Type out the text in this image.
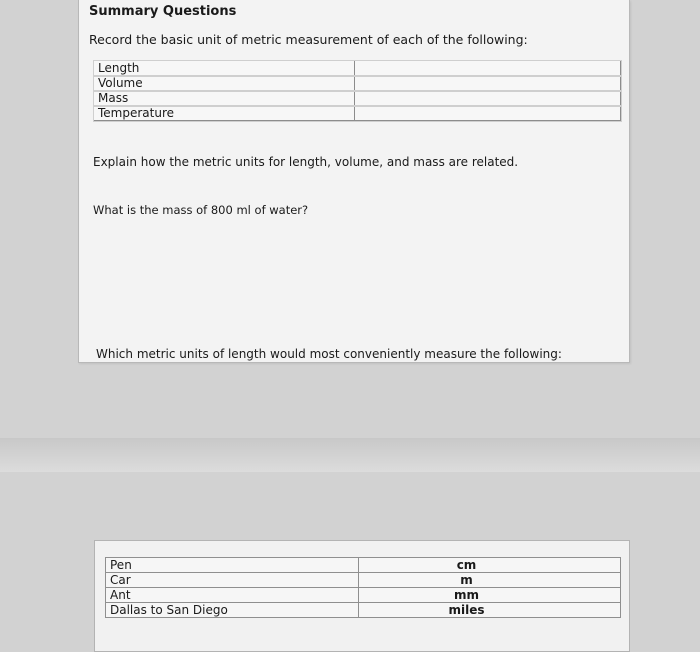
Summary Questions
Record the basic unit of metric measurement of each of the following:
Length	
Volume	
Mass	
Temperature	
Explain how the metric units for length, volume, and mass are related.
What is the mass of 800 ml of water?
Which metric units of length would most conveniently measure the following:
Pen	cm
Car	m
Ant	mm
Dallas to San Diego	miles
